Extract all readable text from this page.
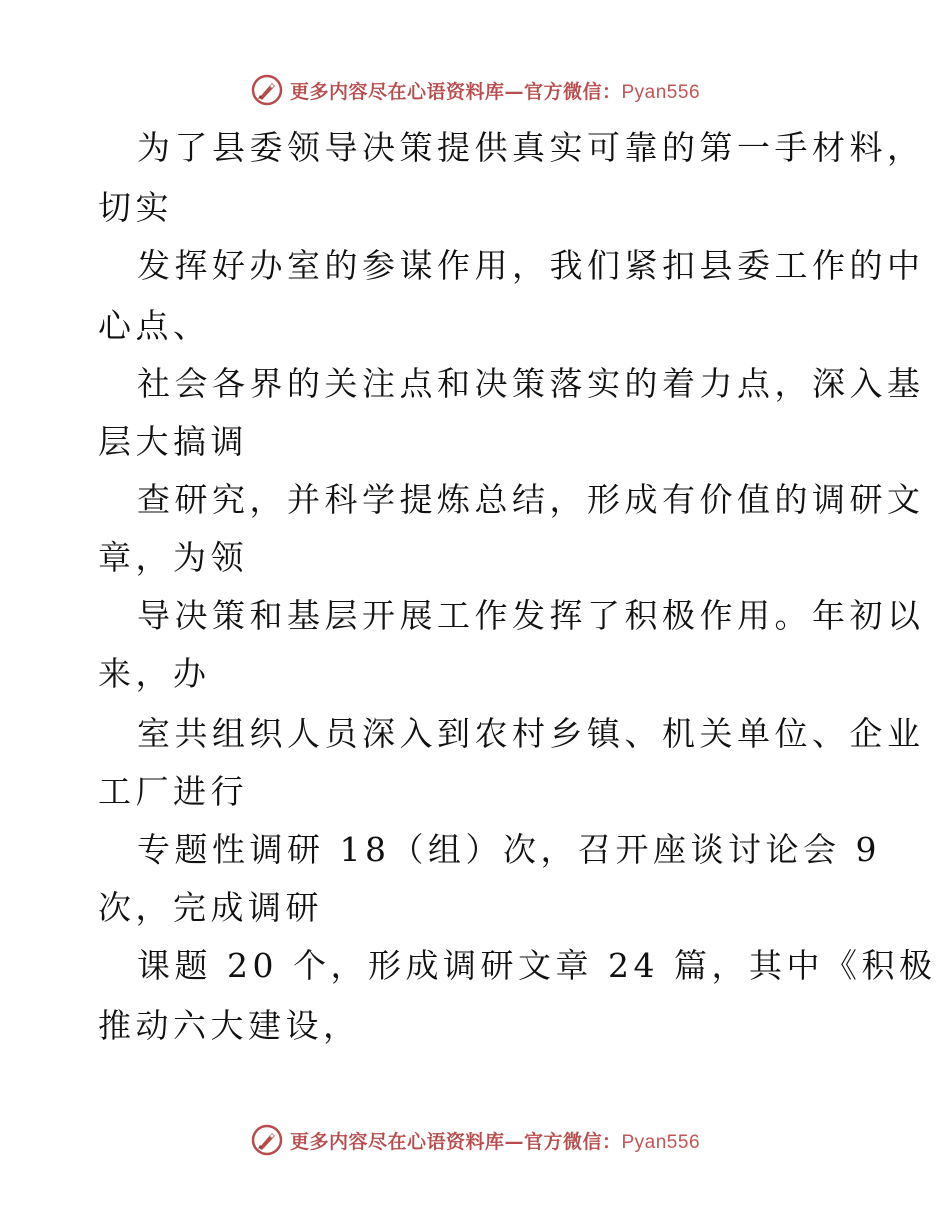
更多内容尽在心语资料库—官方微信：Pyan556
为了县委领导决策提供真实可靠的第一手材料，
切实
发挥好办室的参谋作用，我们紧扣县委工作的中
心点、
社会各界的关注点和决策落实的着力点，深入基
层大搞调
查研究，并科学提炼总结，形成有价值的调研文
章，为领
导决策和基层开展工作发挥了积极作用。年初以
来，办
室共组织人员深入到农村乡镇、机关单位、企业
工厂进行
专题性调研 18（组）次，召开座谈讨论会 9
次，完成调研
课题 20 个，形成调研文章 24 篇，其中《积极
推动六大建设，
更多内容尽在心语资料库—官方微信：Pyan556
